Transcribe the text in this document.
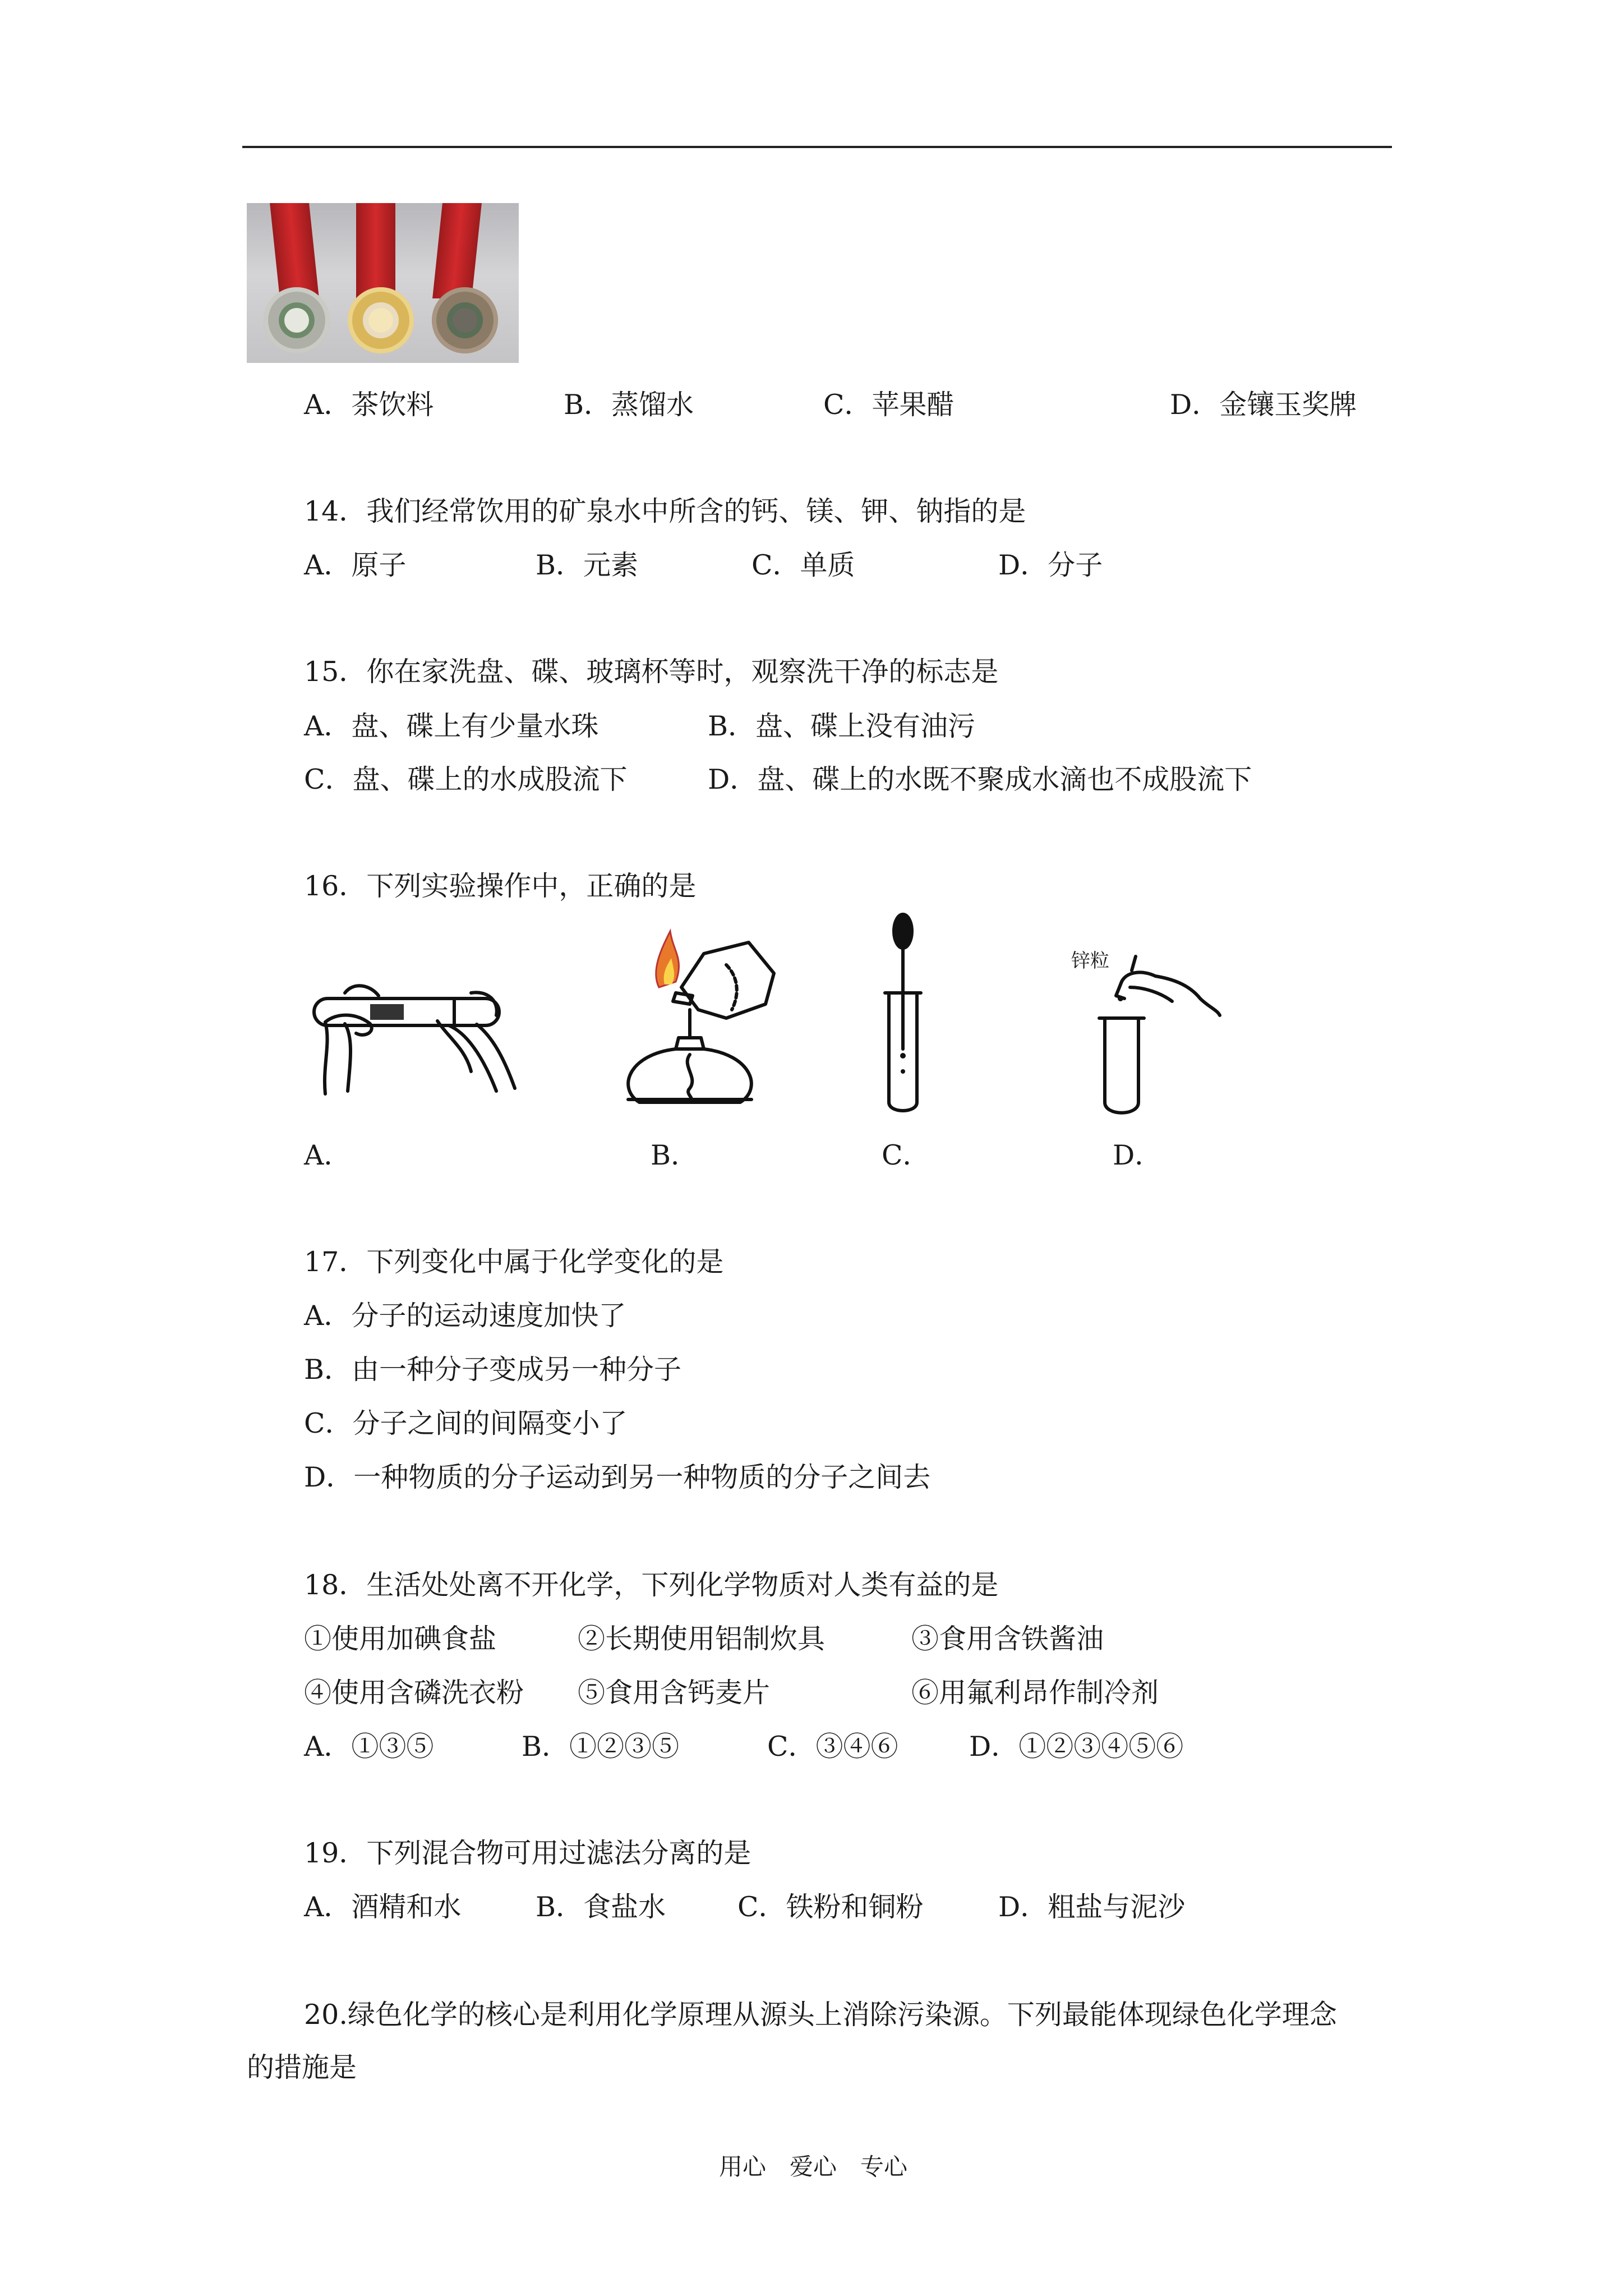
A．茶饮料	B．蒸馏水	C．苹果醋	D．金镶玉奖牌
14．我们经常饮用的矿泉水中所含的钙、镁、钾、钠指的是
A．原子	B．元素	C．单质	D．分子
15．你在家洗盘、碟、玻璃杯等时，观察洗干净的标志是
A．盘、碟上有少量水珠	B．盘、碟上没有油污
C．盘、碟上的水成股流下	D．盘、碟上的水既不聚成水滴也不成股流下
16．下列实验操作中，正确的是
锌粒
A．	B．	C．	D．
17．下列变化中属于化学变化的是
A．分子的运动速度加快了
B．由一种分子变成另一种分子
C．分子之间的间隔变小了
D．一种物质的分子运动到另一种物质的分子之间去
18．生活处处离不开化学，下列化学物质对人类有益的是
①使用加碘食盐	②长期使用铝制炊具	③食用含铁酱油
④使用含磷洗衣粉 ⑤食用含钙麦片	⑥用氟利昂作制冷剂
A．①③⑤	B．①②③⑤	C．③④⑥	D．①②③④⑤⑥
19．下列混合物可用过滤法分离的是
A．酒精和水	B．食盐水	C．铁粉和铜粉	D．粗盐与泥沙
20.绿色化学的核心是利用化学原理从源头上消除污染源。下列最能体现绿色化学理念
的措施是
用心　爱心　专心
